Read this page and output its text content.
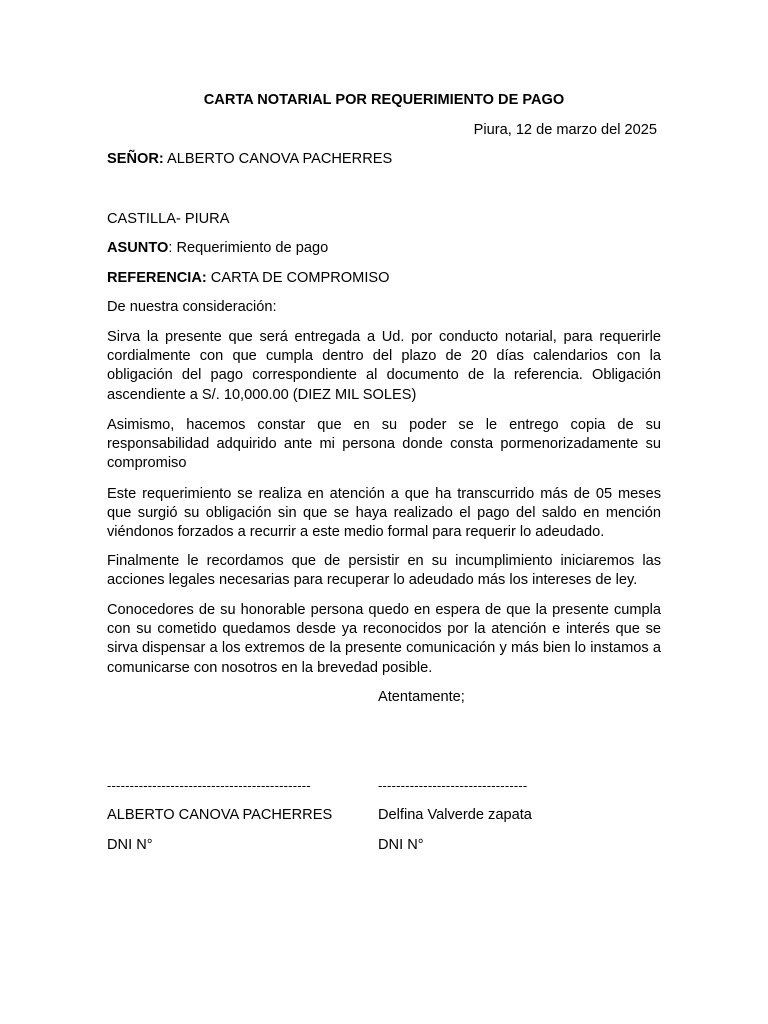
CARTA NOTARIAL POR REQUERIMIENTO DE PAGO
Piura, 12 de marzo del 2025
SEÑOR: ALBERTO CANOVA PACHERRES
CASTILLA- PIURA
ASUNTO: Requerimiento de pago
REFERENCIA: CARTA DE COMPROMISO
De nuestra consideración:
Sirva la presente que será entregada a Ud. por conducto notarial, para requerirle cordialmente con que cumpla dentro del plazo de 20 días calendarios con la obligación del pago correspondiente al documento de la referencia. Obligación ascendiente a S/. 10,000.00 (DIEZ MIL SOLES)
Asimismo, hacemos constar que en su poder se le entrego copia de su responsabilidad adquirido ante mi persona donde consta pormenorizadamente su compromiso
Este requerimiento se realiza en atención a que ha transcurrido más de 05 meses que surgió su obligación sin que se haya realizado el pago del saldo en mención viéndonos forzados a recurrir a este medio formal para requerir lo adeudado.
Finalmente le recordamos que de persistir en su incumplimiento iniciaremos las acciones legales necesarias para recuperar lo adeudado más los intereses de ley.
Conocedores de su honorable persona quedo en espera de que la presente cumpla con su cometido quedamos desde ya reconocidos por la atención e interés que se sirva dispensar a los extremos de la presente comunicación y más bien lo instamos a comunicarse con nosotros en la brevedad posible.
Atentamente;
---------------------------------------------	---------------------------------
ALBERTO CANOVA PACHERRES	Delfina Valverde zapata
DNI N°	DNI N°
